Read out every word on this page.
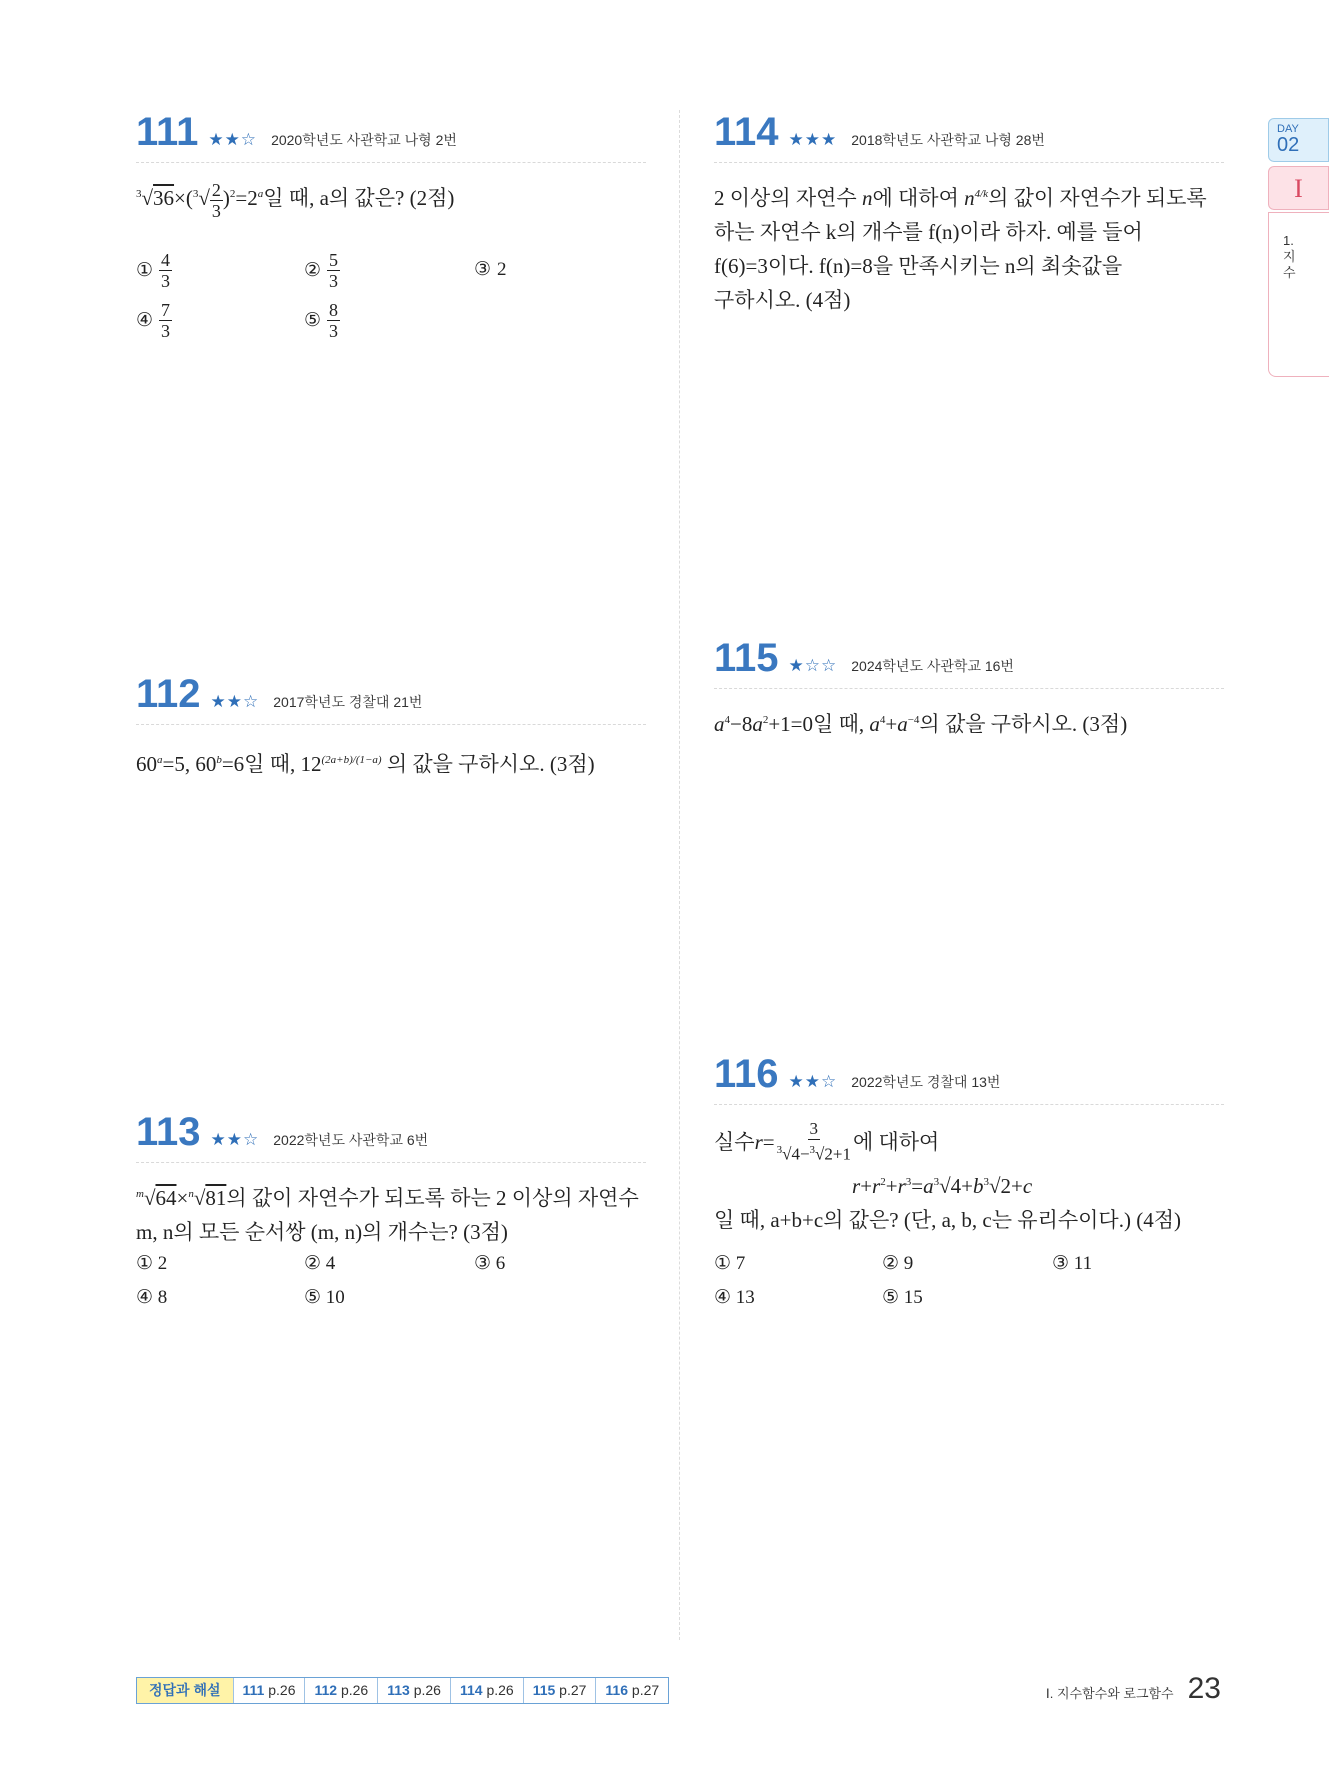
111 ★★☆ 2020학년도 사관학교 나형 2번
$^3√36\times(^3√ \frac{2}{3} )^2=2^a$일 때, a의 값은? (2점)
① $\frac{4}{3}$	② $\frac{5}{3}$	③ 2
④ $\frac{7}{3}$	⑤ $\frac{8}{3}$
112 ★★☆ 2017학년도 경찰대 21번
$60^a=5$, $60^b=6$일 때, $12^{(2a+b)/(1-a)}$ 의 값을 구하시오. (3점)
113 ★★☆ 2022학년도 사관학교 6번
$^m$√64×$^n$√81의 값이 자연수가 되도록 하는 2 이상의 자연수
m, n의 모든 순서쌍 (m, n)의 개수는? (3점)
① 2	② 4	③ 6
④ 8	⑤ 10
114 ★★★ 2018학년도 사관학교 나형 28번
2 이상의 자연수 n에 대하여 $n^{4/k}$의 값이 자연수가 되도록
하는 자연수 k의 개수를 f(n)이라 하자. 예를 들어
f(6)=3이다. f(n)=8을 만족시키는 n의 최솟값을
구하시오. (4점)
115 ★☆☆ 2024학년도 사관학교 16번
$a^4-8a^2+1=0$일 때, $a^4+a^{-4}$의 값을 구하시오. (3점)
116 ★★☆ 2022학년도 경찰대 13번
실수 $r= \frac{3}{^3√4-^3√2+1}$ 에 대하여
$r+r^2+r^3=a^3√4+b^3√2+c$
일 때, a+b+c의 값은? (단, a, b, c는 유리수이다.) (4점)
① 7	② 9	③ 11
④ 13	⑤ 15
DAY
02
I
1.
지
수
정답과 해설	111 p.26	112 p.26	113 p.26	114 p.26	115 p.27	116 p.27	Ⅰ. 지수함수와 로그함수 23
